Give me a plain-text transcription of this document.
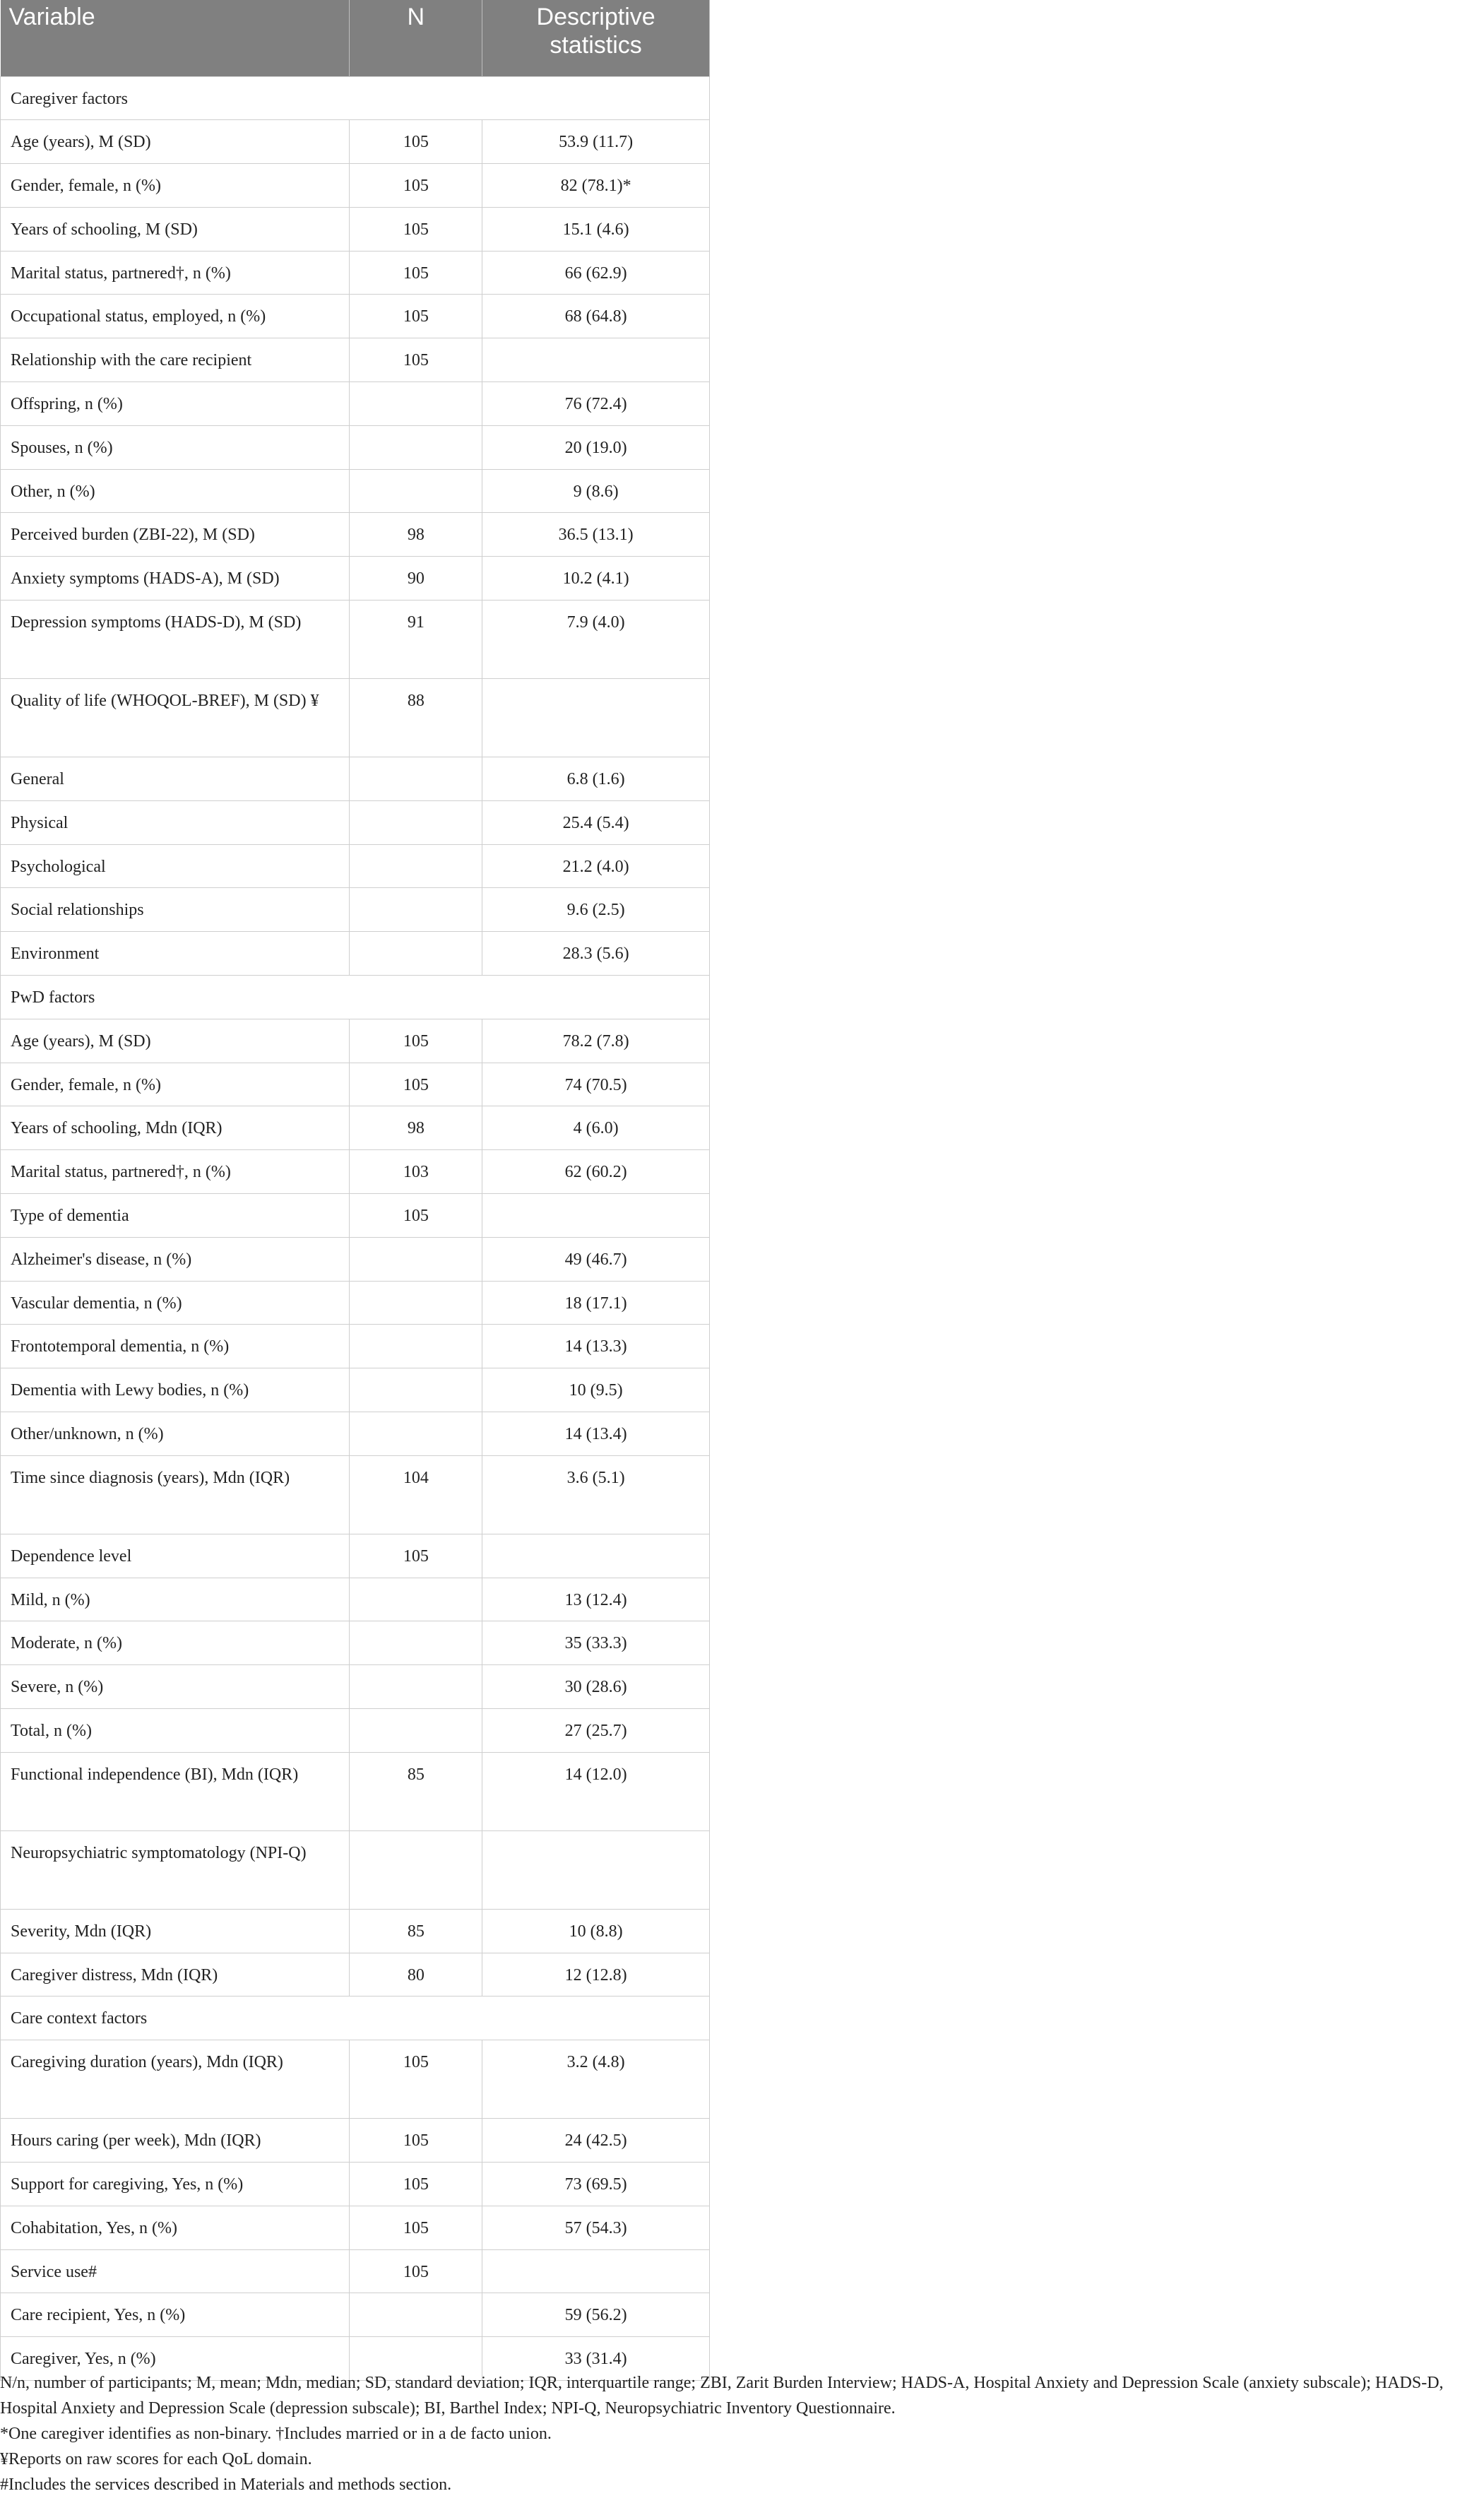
Variable	N	Descriptive statistics
Caregiver factors		
Age (years), M (SD)	105	53.9 (11.7)
Gender, female, n (%)	105	82 (78.1)*
Years of schooling, M (SD)	105	15.1 (4.6)
Marital status, partnered†, n (%)	105	66 (62.9)
Occupational status, employed, n (%)	105	68 (64.8)
Relationship with the care recipient	105	
Offspring, n (%)		76 (72.4)
Spouses, n (%)		20 (19.0)
Other, n (%)		9 (8.6)
Perceived burden (ZBI-22), M (SD)	98	36.5 (13.1)
Anxiety symptoms (HADS-A), M (SD)	90	10.2 (4.1)
Depression symptoms (HADS-D), M (SD)	91	7.9 (4.0)
Quality of life (WHOQOL-BREF), M (SD) ¥	88	
General		6.8 (1.6)
Physical		25.4 (5.4)
Psychological		21.2 (4.0)
Social relationships		9.6 (2.5)
Environment		28.3 (5.6)
PwD factors		
Age (years), M (SD)	105	78.2 (7.8)
Gender, female, n (%)	105	74 (70.5)
Years of schooling, Mdn (IQR)	98	4 (6.0)
Marital status, partnered†, n (%)	103	62 (60.2)
Type of dementia	105	
Alzheimer's disease, n (%)		49 (46.7)
Vascular dementia, n (%)		18 (17.1)
Frontotemporal dementia, n (%)		14 (13.3)
Dementia with Lewy bodies, n (%)		10 (9.5)
Other/unknown, n (%)		14 (13.4)
Time since diagnosis (years), Mdn (IQR)	104	3.6 (5.1)
Dependence level	105	
Mild, n (%)		13 (12.4)
Moderate, n (%)		35 (33.3)
Severe, n (%)		30 (28.6)
Total, n (%)		27 (25.7)
Functional independence (BI), Mdn (IQR)	85	14 (12.0)
Neuropsychiatric symptomatology (NPI-Q)		
Severity, Mdn (IQR)	85	10 (8.8)
Caregiver distress, Mdn (IQR)	80	12 (12.8)
Care context factors		
Caregiving duration (years), Mdn (IQR)	105	3.2 (4.8)
Hours caring (per week), Mdn (IQR)	105	24 (42.5)
Support for caregiving, Yes, n (%)	105	73 (69.5)
Cohabitation, Yes, n (%)	105	57 (54.3)
Service use#	105	
Care recipient, Yes, n (%)		59 (56.2)
Caregiver, Yes, n (%)		33 (31.4)

N/n, number of participants; M, mean; Mdn, median; SD, standard deviation; IQR, interquartile range; ZBI, Zarit Burden Interview; HADS-A, Hospital Anxiety and Depression Scale (anxiety subscale); HADS-D, Hospital Anxiety and Depression Scale (depression subscale); BI, Barthel Index; NPI-Q, Neuropsychiatric Inventory Questionnaire.

*One caregiver identifies as non-binary. †Includes married or in a de facto union.

¥Reports on raw scores for each QoL domain.

#Includes the services described in Materials and methods section.
